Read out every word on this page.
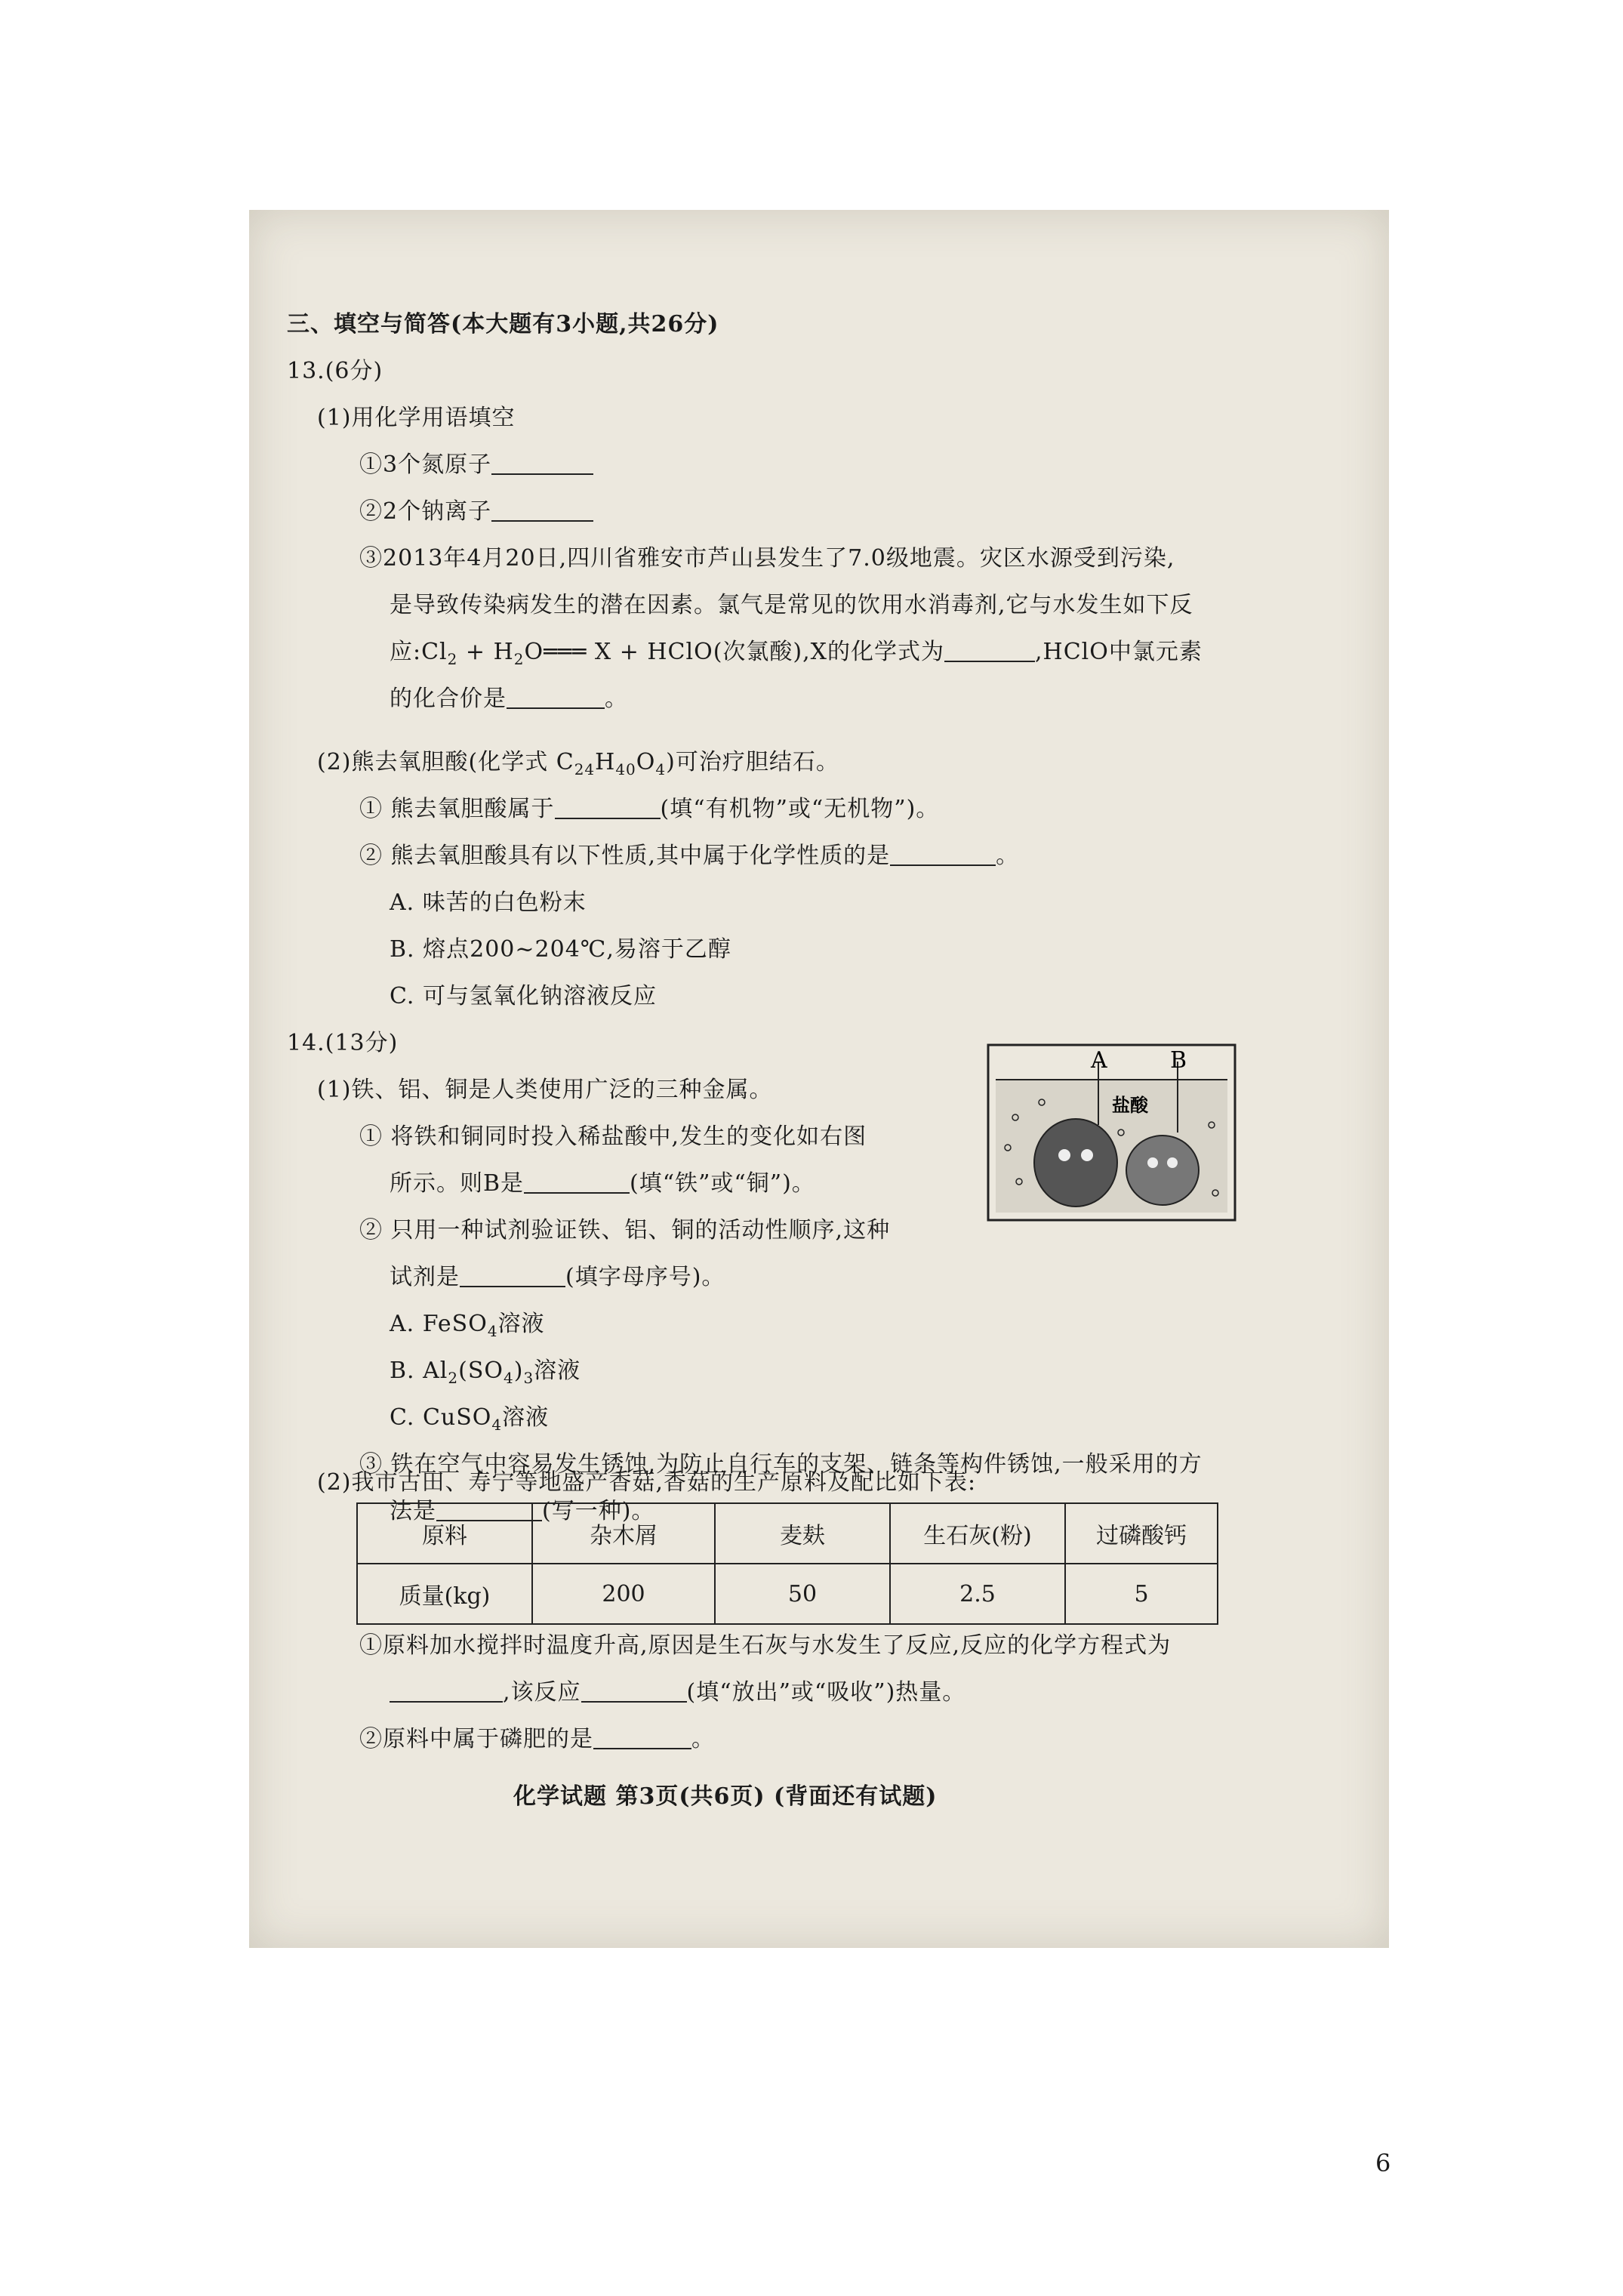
三、填空与简答(本大题有3小题,共26分)
13.(6分)
(1)用化学用语填空
①3个氮原子
②2个钠离子
③2013年4月20日,四川省雅安市芦山县发生了7.0级地震。灾区水源受到污染,
是导致传染病发生的潜在因素。氯气是常见的饮用水消毒剂,它与水发生如下反
应$:Cl_2$ + $H_2O═══$ X + HClO(次氯酸),X的化学式为	,HClO中氯元素
的化合价是	。
(2)熊去氧胆酸(化学式 $C_{24}H_{40}O_4$)可治疗胆结石。
① 熊去氧胆酸属于	(填“有机物”或“无机物”)。
② 熊去氧胆酸具有以下性质,其中属于化学性质的是	。
A. 味苦的白色粉末
B. 熔点200~204℃,易溶于乙醇
C. 可与氢氧化钠溶液反应
14.(13分)
(1)铁、铝、铜是人类使用广泛的三种金属。
① 将铁和铜同时投入稀盐酸中,发生的变化如右图
所示。则B是	(填“铁”或“铜”)。
② 只用一种试剂验证铁、铝、铜的活动性顺序,这种
试剂是	(填字母序号)。
A. FeSO$_4$溶液
B. $Al_2(SO_4)_3$溶液
C. CuSO$_4$溶液
③ 铁在空气中容易发生锈蚀,为防止自行车的支架、链条等构件锈蚀,一般采用的方
法是	(写一种)。
(2)我市古田、寿宁等地盛产香菇,香菇的生产原料及配比如下表:
A	B
盐酸
原料	杂木屑	麦麸	生石灰(粉)	过磷酸钙
质量(kg)	200	50	2.5	5
①原料加水搅拌时温度升高,原因是生石灰与水发生了反应,反应的化学方程式为
,该反应	(填“放出”或“吸收”)热量。
②原料中属于磷肥的是	。
化学试题 第3页(共6页) (背面还有试题)
6
